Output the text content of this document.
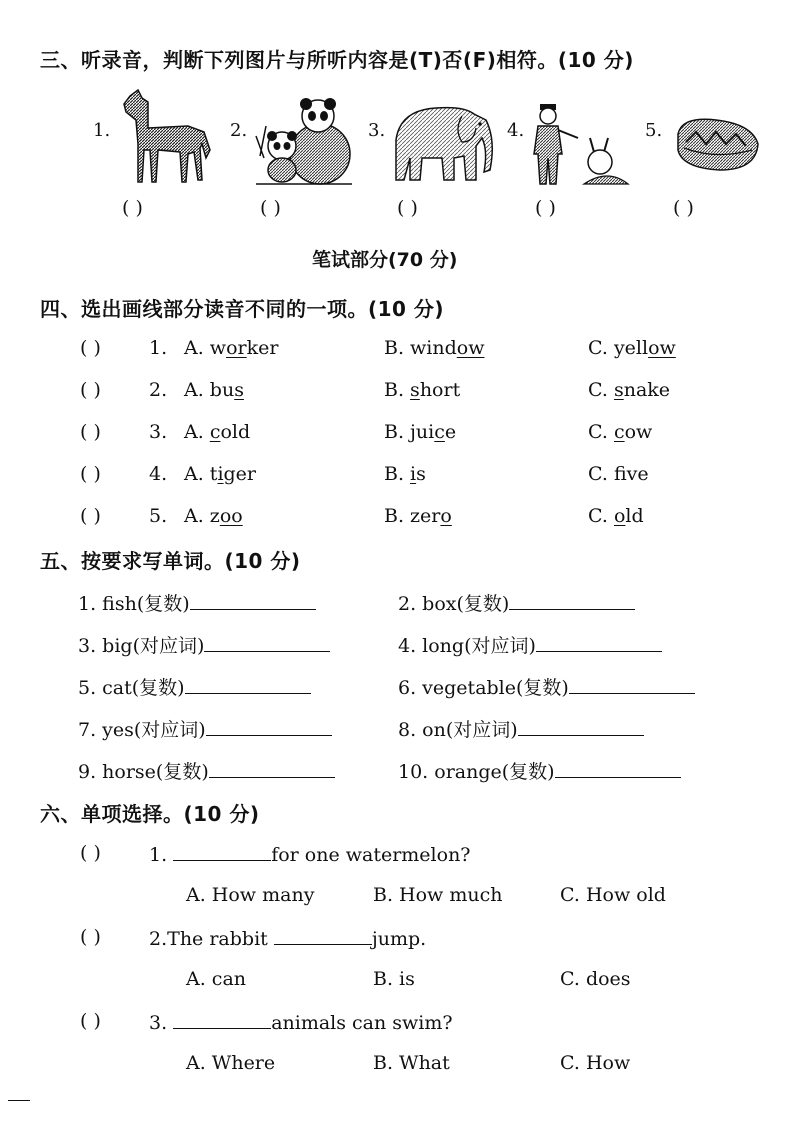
三、听录音，判断下列图片与所听内容是(T)否(F)相符。(10 分)
1.	2.	3.	4.	5.
( )	( )	( )	( )	( )
笔试部分(70 分)
四、选出画线部分读音不同的一项。(10 分)
( )	1. A. worker	B. window	C. yellow
( )	2. A. bus	B. short	C. snake
( )	3. A. cold	B. juice	C. cow
( )	4. A. tiger	B. is	C. fve
( )	5. A. zoo	B. zero	C. old
五、按要求写单词。(10 分)
1. fish(复数)	2. box(复数)
3. big(对应词)	4. long(对应词)
5. cat(复数)	6. vegetable(复数)
7. yes(对应词)	8. on(对应词)
9. horse(复数)	10. orange(复数)
六、单项选择。(10 分)
( )	1.	for one watermelon?
A. How many	B. How much	C. How old
( )	2.The rabbit	jump.
A. can	B. is	C. does
( )	3.	animals can swim?
A. Where	B. What	C. How
